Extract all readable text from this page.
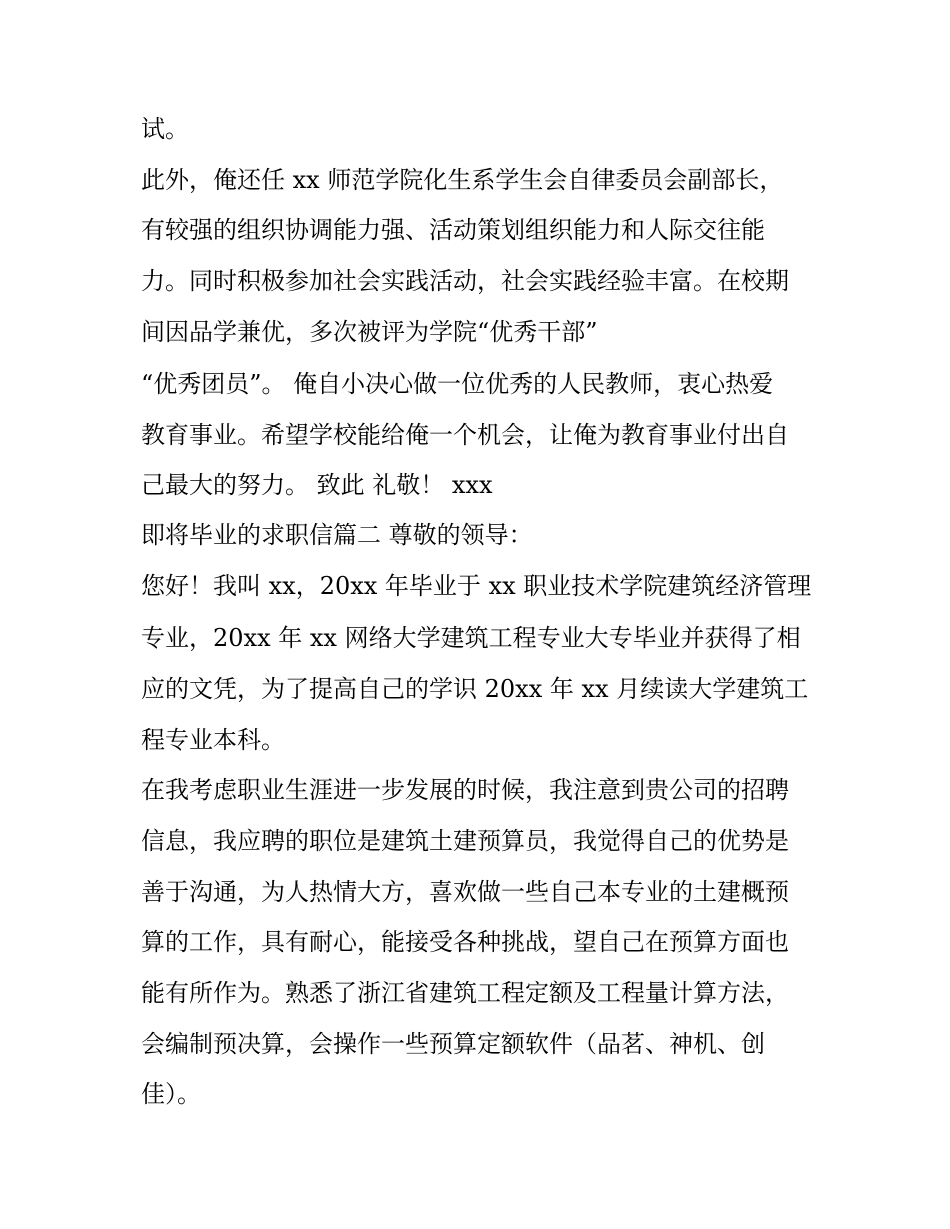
试。
此外，俺还任 xx 师范学院化生系学生会自律委员会副部长，
有较强的组织协调能力强、活动策划组织能力和人际交往能
力。同时积极参加社会实践活动，社会实践经验丰富。在校期
间因品学兼优，多次被评为学院“优秀干部”
“优秀团员”。 俺自小决心做一位优秀的人民教师，衷心热爱
教育事业。希望学校能给俺一个机会，让俺为教育事业付出自
己最大的努力。 致此 礼敬！ xxx
即将毕业的求职信篇二 尊敬的领导：
您好！我叫 xx，20xx 年毕业于 xx 职业技术学院建筑经济管理
专业，20xx 年 xx 网络大学建筑工程专业大专毕业并获得了相
应的文凭，为了提高自己的学识 20xx 年 xx 月续读大学建筑工
程专业本科。
在我考虑职业生涯进一步发展的时候，我注意到贵公司的招聘
信息，我应聘的职位是建筑土建预算员，我觉得自己的优势是
善于沟通，为人热情大方，喜欢做一些自己本专业的土建概预
算的工作，具有耐心，能接受各种挑战，望自己在预算方面也
能有所作为。熟悉了浙江省建筑工程定额及工程量计算方法，
会编制预决算，会操作一些预算定额软件（品茗、神机、创
佳）。
